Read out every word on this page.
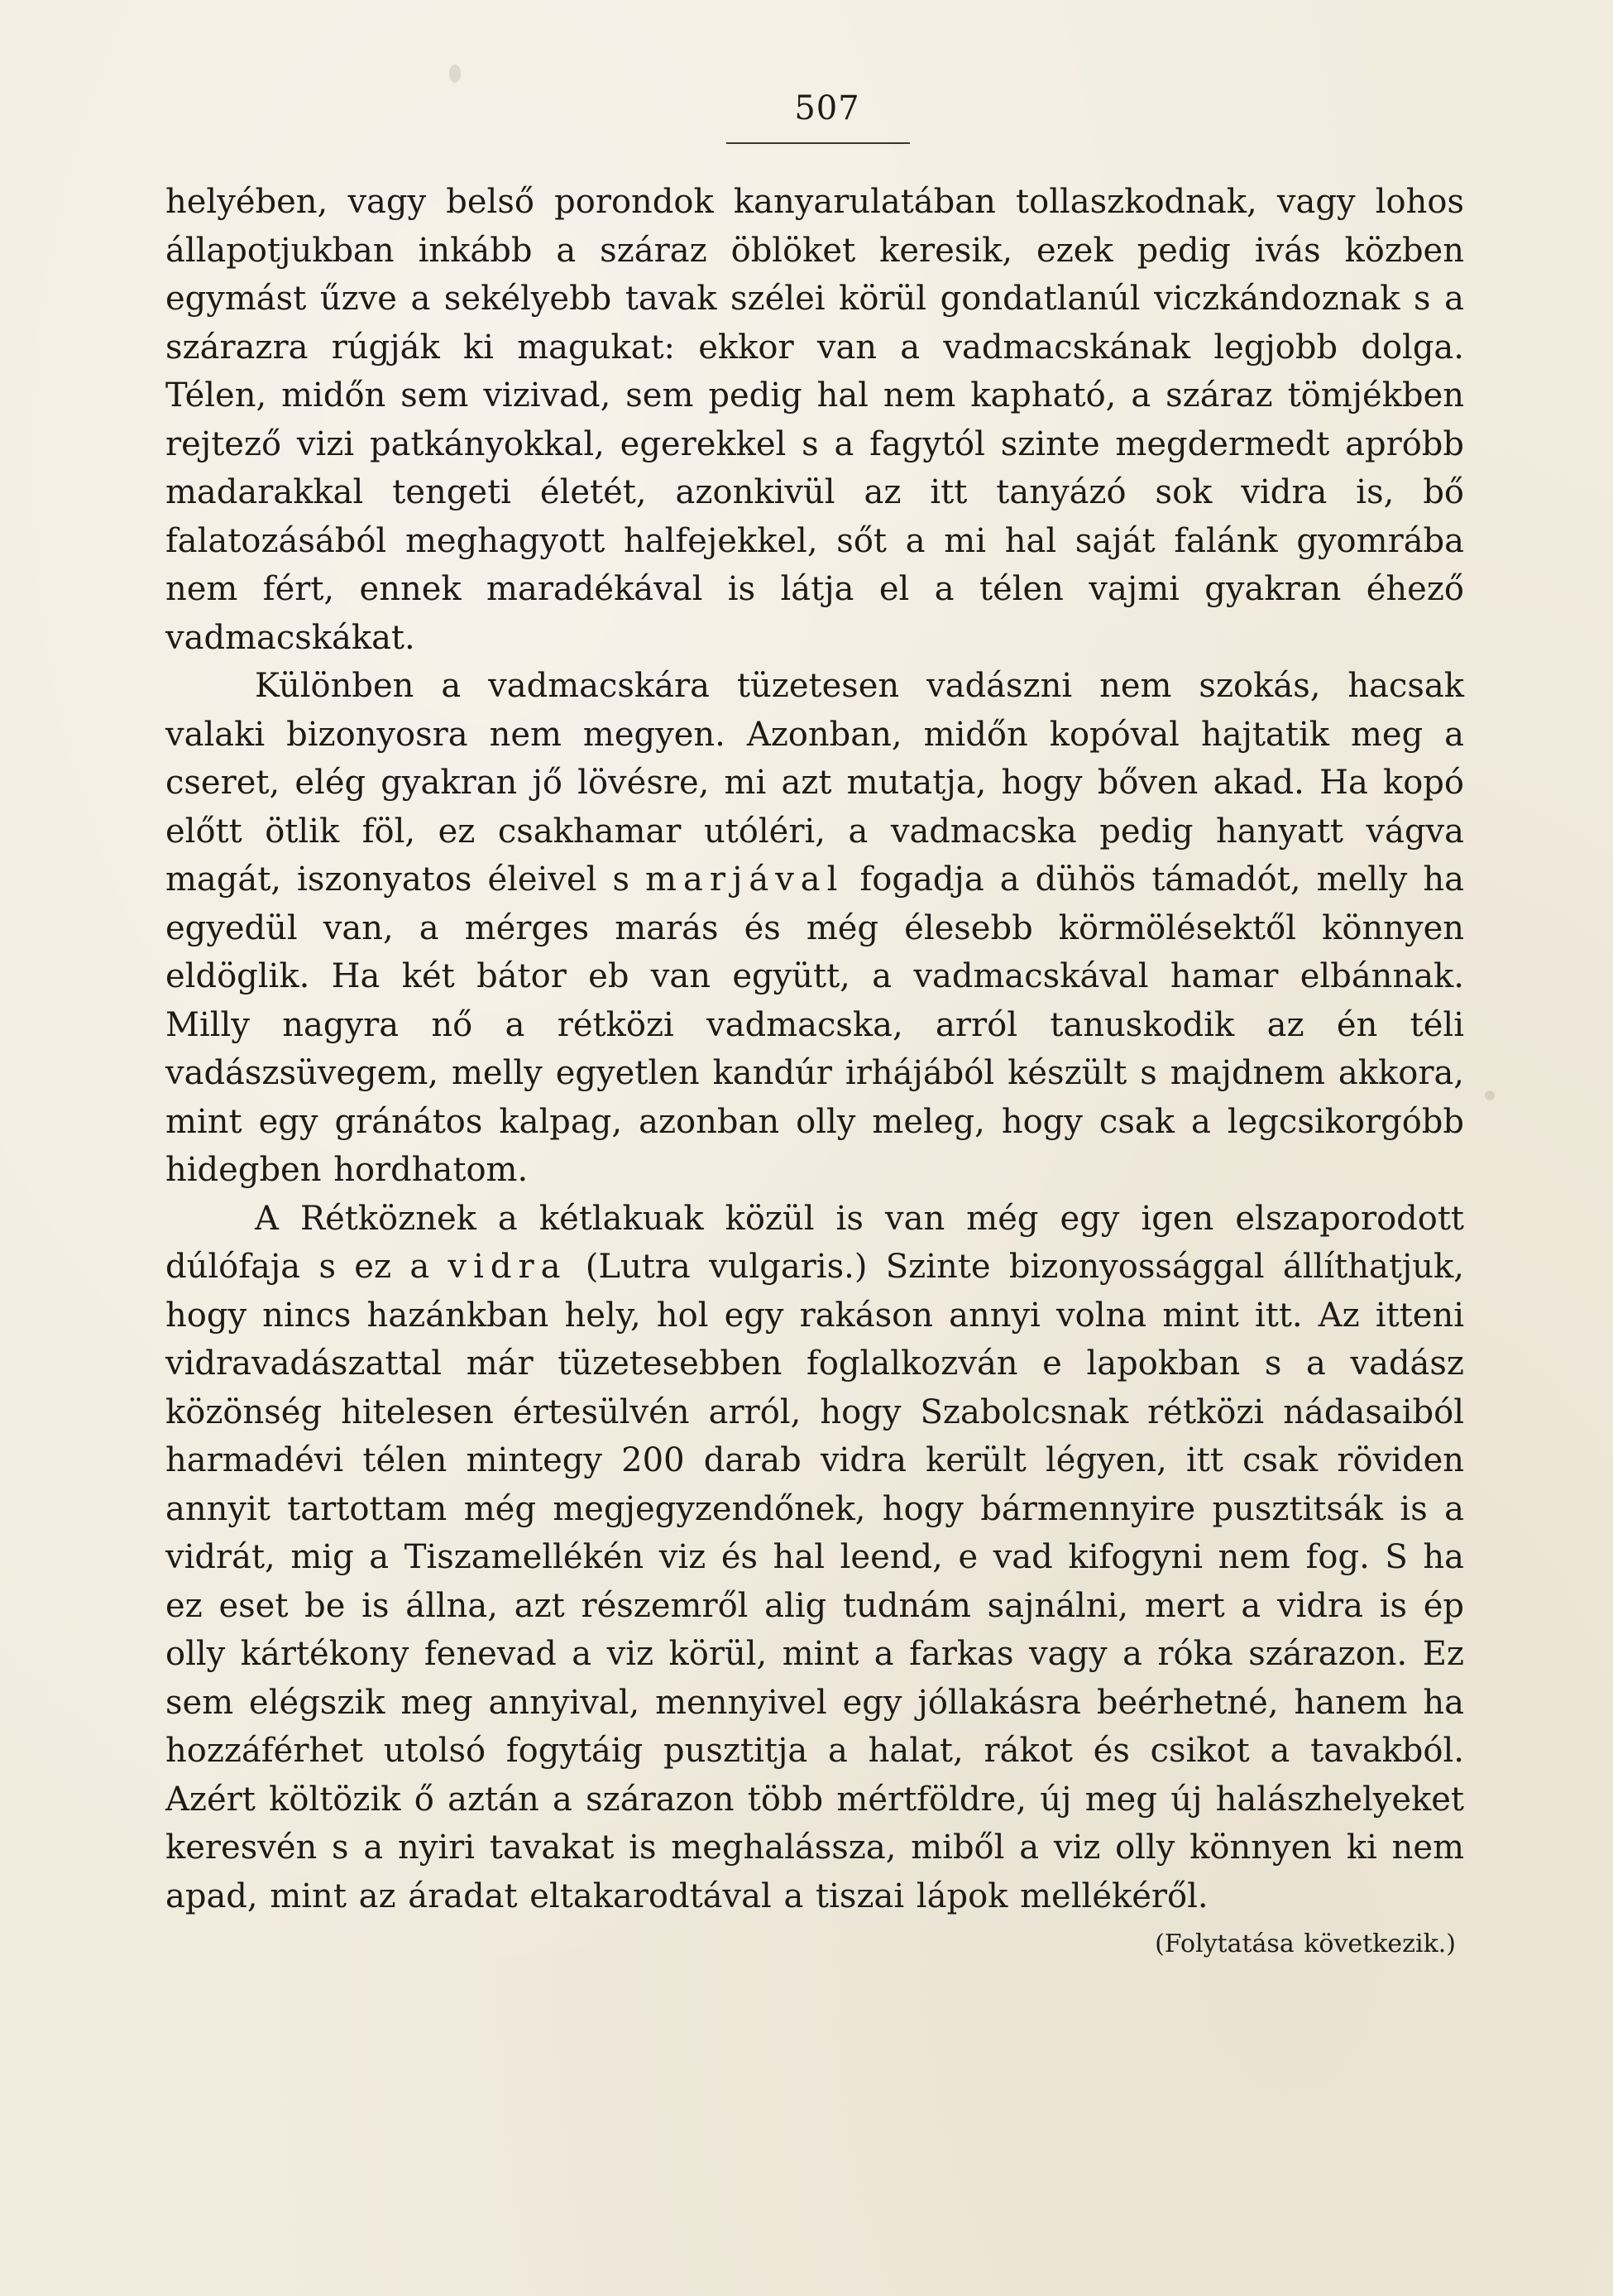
507

helyében, vagy belső porondok kanyarulatában tollaszkodnak, vagy lohos állapotjukban inkább a száraz öblöket keresik, ezek pedig ivás közben egymást űzve a sekélyebb tavak szélei körül gondatlanúl viczkándoznak s a szárazra rúgják ki magukat: ekkor van a vadmacskának legjobb dolga. Télen, midőn sem vizivad, sem pedig hal nem kapható, a száraz tömjékben rejtező vizi patkányokkal, egerekkel s a fagytól szinte megdermedt apróbb madarakkal tengeti életét, azonkivül az itt tanyázó sok vidra is, bő falatozásából meghagyott halfejekkel, sőt a mi hal saját falánk gyomrába nem fért, ennek maradékával is látja el a télen vajmi gyakran éhező vadmacskákat.

Különben a vadmacskára tüzetesen vadászni nem szokás, hacsak valaki bizonyosra nem megyen. Azonban, midőn kopóval hajtatik meg a cseret, elég gyakran jő lövésre, mi azt mutatja, hogy bőven akad. Ha kopó előtt ötlik föl, ez csakhamar utóléri, a vadmacska pedig hanyatt vágva magát, iszonyatos éleivel s marjával fogadja a dühös támadót, melly ha egyedül van, a mérges marás és még élesebb körmölésektől könnyen eldöglik. Ha két bátor eb van együtt, a vadmacskával hamar elbánnak. Milly nagyra nő a rétközi vadmacska, arról tanuskodik az én téli vadászsüvegem, melly egyetlen kandúr irhájából készült s majdnem akkora, mint egy gránátos kalpag, azonban olly meleg, hogy csak a legcsikorgóbb hidegben hordhatom.

A Rétköznek a kétlakuak közül is van még egy igen elszaporodott dúlófaja s ez a vidra (Lutra vulgaris.) Szinte bizonyossággal állíthatjuk, hogy nincs hazánkban hely, hol egy rakáson annyi volna mint itt. Az itteni vidravadászattal már tüzetesebben foglalkozván e lapokban s a vadász közönség hitelesen értesülvén arról, hogy Szabolcsnak rétközi nádasaiból harmadévi télen mintegy 200 darab vidra került légyen, itt csak röviden annyit tartottam még megjegyzendőnek, hogy bármennyire pusztitsák is a vidrát, mig a Tiszamellékén viz és hal leend, e vad kifogyni nem fog. S ha ez eset be is állna, azt részemről alig tudnám sajnálni, mert a vidra is ép olly kártékony fenevad a viz körül, mint a farkas vagy a róka szárazon. Ez sem elégszik meg annyival, mennyivel egy jóllakásra beérhetné, hanem ha hozzáférhet utolsó fogytáig pusztitja a halat, rákot és csikot a tavakból. Azért költözik ő aztán a szárazon több mértföldre, új meg új halászhelyeket keresvén s a nyiri tavakat is meghalássza, miből a viz olly könnyen ki nem apad, mint az áradat eltakarodtával a tiszai lápok mellékéről.
(Folytatása következik.)
